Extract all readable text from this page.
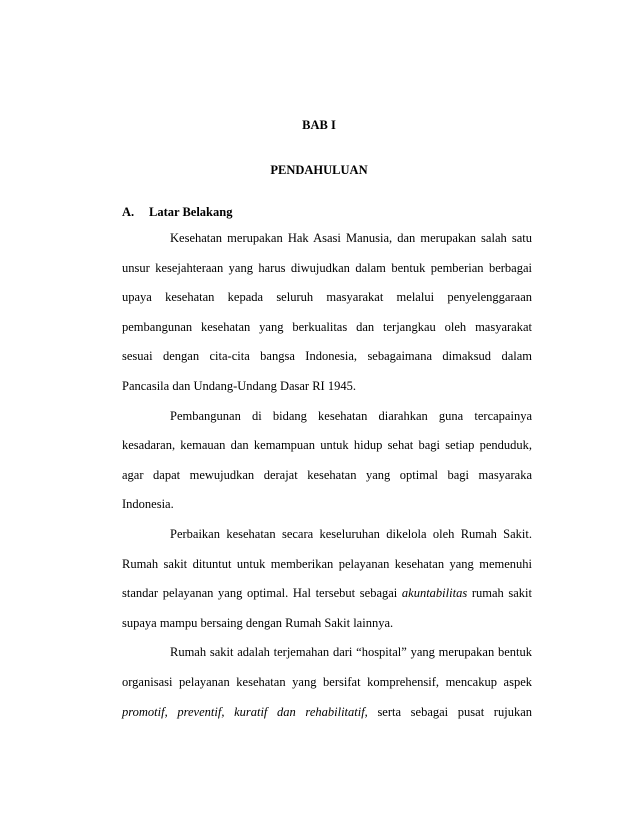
BAB I
PENDAHULUAN
A. Latar Belakang
Kesehatan merupakan Hak Asasi Manusia, dan merupakan salah satu
unsur kesejahteraan yang harus diwujudkan dalam bentuk pemberian berbagai
upaya kesehatan kepada seluruh masyarakat melalui penyelenggaraan
pembangunan kesehatan yang berkualitas dan terjangkau oleh masyarakat
sesuai dengan cita-cita bangsa Indonesia, sebagaimana dimaksud dalam
Pancasila dan Undang-Undang Dasar RI 1945.
Pembangunan di bidang kesehatan diarahkan guna tercapainya
kesadaran, kemauan dan kemampuan untuk hidup sehat bagi setiap penduduk,
agar dapat mewujudkan derajat kesehatan yang optimal bagi masyaraka
Indonesia.
Perbaikan kesehatan secara keseluruhan dikelola oleh Rumah Sakit.
Rumah sakit dituntut untuk memberikan pelayanan kesehatan yang memenuhi
standar pelayanan yang optimal. Hal tersebut sebagai akuntabilitas rumah sakit
supaya mampu bersaing dengan Rumah Sakit lainnya.
Rumah sakit adalah terjemahan dari “hospital” yang merupakan bentuk
organisasi pelayanan kesehatan yang bersifat komprehensif, mencakup aspek
promotif, preventif, kuratif dan rehabilitatif, serta sebagai pusat rujukan
